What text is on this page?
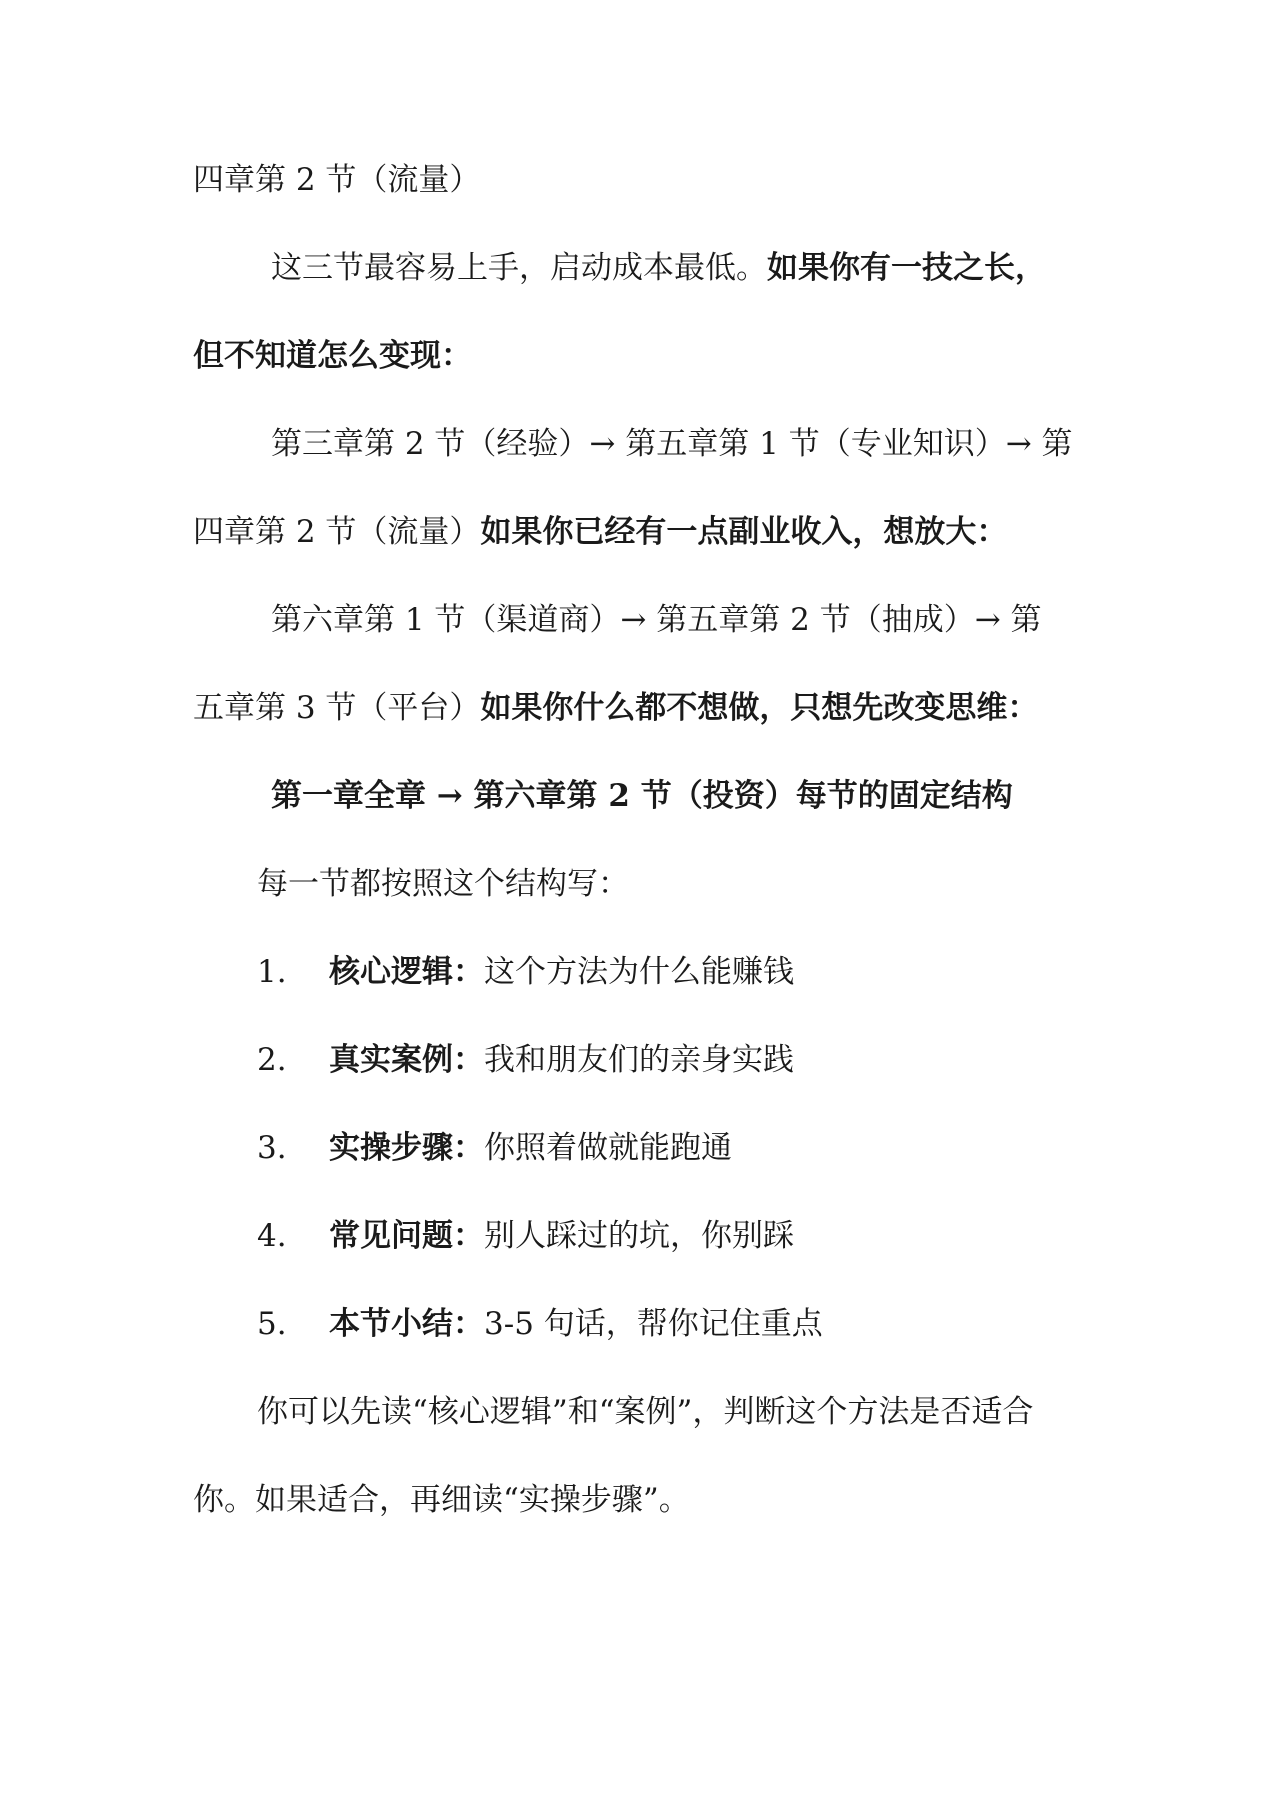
四章第 2 节（流量）
这三节最容易上手，启动成本最低。如果你有一技之长，
但不知道怎么变现：
第三章第 2 节（经验）→ 第五章第 1 节（专业知识）→ 第
四章第 2 节（流量）如果你已经有一点副业收入，想放大：
第六章第 1 节（渠道商）→ 第五章第 2 节（抽成）→ 第
五章第 3 节（平台）如果你什么都不想做，只想先改变思维：
第一章全章 → 第六章第 2 节（投资）每节的固定结构
每一节都按照这个结构写：
1. 核心逻辑：这个方法为什么能赚钱
2. 真实案例：我和朋友们的亲身实践
3. 实操步骤：你照着做就能跑通
4. 常见问题：别人踩过的坑，你别踩
5. 本节小结：3-5 句话，帮你记住重点
你可以先读“核心逻辑”和“案例”，判断这个方法是否适合
你。如果适合，再细读“实操步骤”。
